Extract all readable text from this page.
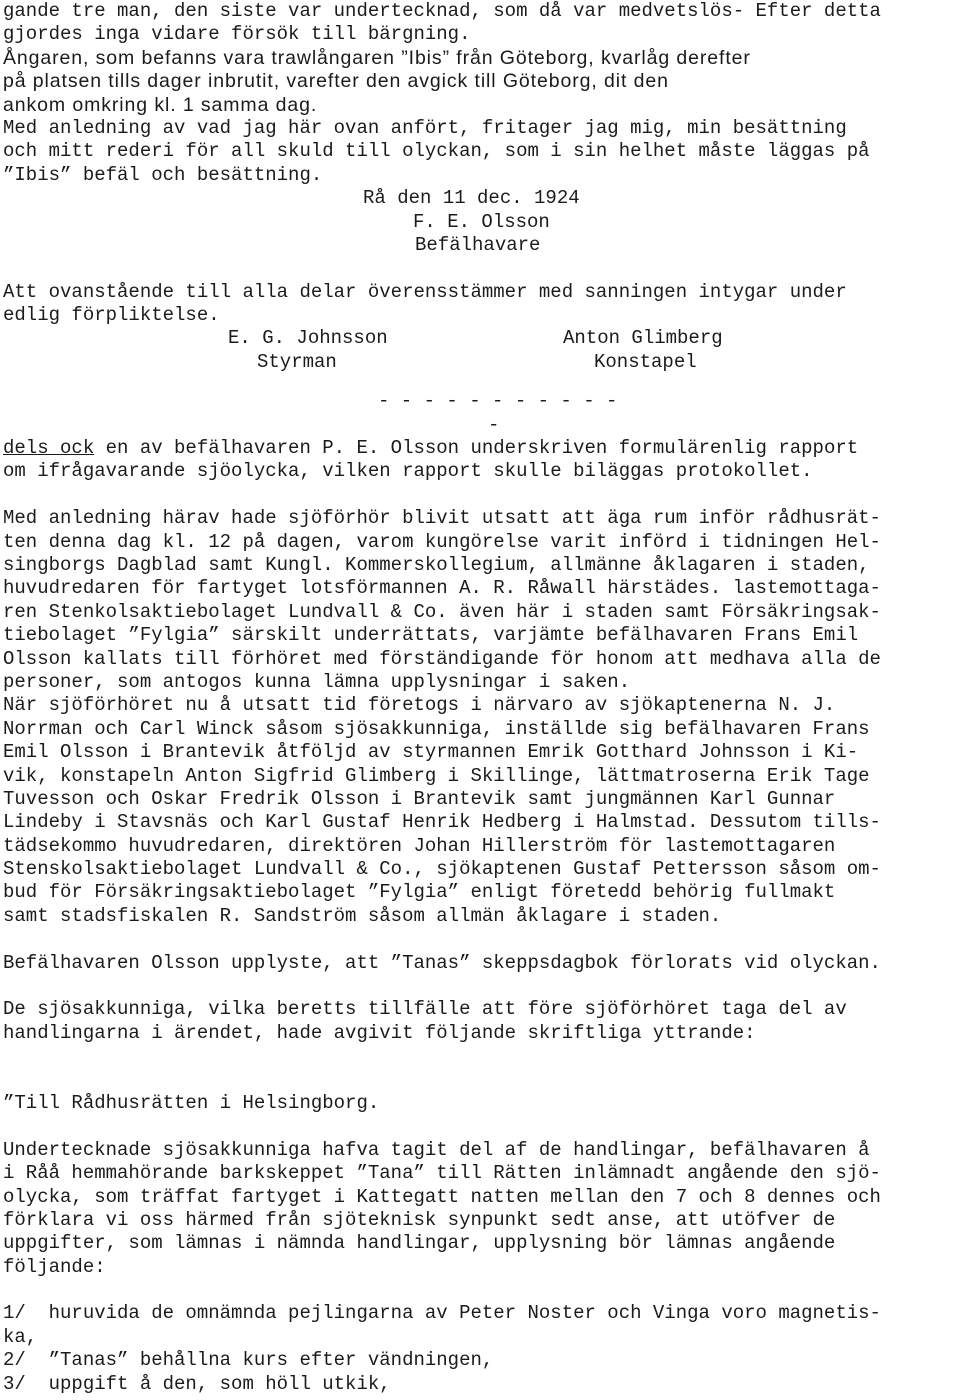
gande tre man, den siste var undertecknad, som då var medvetslös- Efter detta
gjordes inga vidare försök till bärgning.
Ångaren, som befanns vara trawlångaren ”Ibis” från Göteborg, kvarlåg derefter
på platsen tills dager inbrutit, varefter den avgick till Göteborg, dit den
ankom omkring kl. 1 samma dag.
Med anledning av vad jag här ovan anfört, fritager jag mig, min besättning
och mitt rederi för all skuld till olyckan, som i sin helhet måste läggas på
”Ibis” befäl och besättning.
Rå den 11 dec. 1924
F. E. Olsson
Befälhavare
Att ovanstående till alla delar överensstämmer med sanningen intygar under
edlig förpliktelse.
E. G. Johnsson	Anton Glimberg
Styrman	Konstapel
- - - - - - - - - - -
-
dels ock en av befälhavaren P. E. Olsson underskriven formulärenlig rapport
om ifrågavarande sjöolycka, vilken rapport skulle biläggas protokollet.
Med anledning härav hade sjöförhör blivit utsatt att äga rum inför rådhusrät-
ten denna dag kl. 12 på dagen, varom kungörelse varit införd i tidningen Hel-
singborgs Dagblad samt Kungl. Kommerskollegium, allmänne åklagaren i staden,
huvudredaren för fartyget lotsförmannen A. R. Råwall härstädes. lastemottaga-
ren Stenkolsaktiebolaget Lundvall & Co. även här i staden samt Försäkringsak-
tiebolaget ”Fylgia” särskilt underrättats, varjämte befälhavaren Frans Emil
Olsson kallats till förhöret med förständigande för honom att medhava alla de
personer, som antogos kunna lämna upplysningar i saken.
När sjöförhöret nu å utsatt tid företogs i närvaro av sjökaptenerna N. J.
Norrman och Carl Winck såsom sjösakkunniga, inställde sig befälhavaren Frans
Emil Olsson i Brantevik åtföljd av styrmannen Emrik Gotthard Johnsson i Ki-
vik, konstapeln Anton Sigfrid Glimberg i Skillinge, lättmatroserna Erik Tage
Tuvesson och Oskar Fredrik Olsson i Brantevik samt jungmännen Karl Gunnar
Lindeby i Stavsnäs och Karl Gustaf Henrik Hedberg i Halmstad. Dessutom tills-
tädsekommo huvudredaren, direktören Johan Hillerström för lastemottagaren
Stenskolsaktiebolaget Lundvall & Co., sjökaptenen Gustaf Pettersson såsom om-
bud för Försäkringsaktiebolaget ”Fylgia” enligt företedd behörig fullmakt
samt stadsfiskalen R. Sandström såsom allmän åklagare i staden.
Befälhavaren Olsson upplyste, att ”Tanas” skeppsdagbok förlorats vid olyckan.
De sjösakkunniga, vilka beretts tillfälle att före sjöförhöret taga del av
handlingarna i ärendet, hade avgivit följande skriftliga yttrande:
”Till Rådhusrätten i Helsingborg.
Undertecknade sjösakkunniga hafva tagit del af de handlingar, befälhavaren å
i Råå hemmahörande barkskeppet ”Tana” till Rätten inlämnadt angående den sjö-
olycka, som träffat fartyget i Kattegatt natten mellan den 7 och 8 dennes och
förklara vi oss härmed från sjöteknisk synpunkt sedt anse, att utöfver de
uppgifter, som lämnas i nämnda handlingar, upplysning bör lämnas angående
följande:
1/  huruvida de omnämnda pejlingarna av Peter Noster och Vinga voro magnetis-
ka,
2/  ”Tanas” behållna kurs efter vändningen,
3/  uppgift å den, som höll utkik,
